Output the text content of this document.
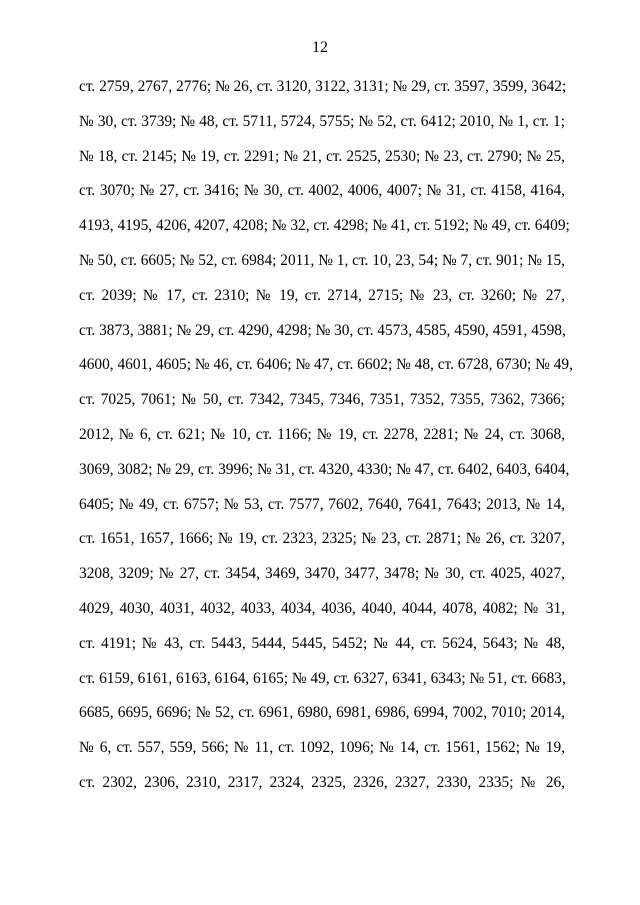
12
ст. 2759, 2767, 2776; № 26, ст. 3120, 3122, 3131; № 29, ст. 3597, 3599, 3642;
№ 30, ст. 3739; № 48, ст. 5711, 5724, 5755; № 52, ст. 6412; 2010, № 1, ст. 1;
№ 18, ст. 2145; № 19, ст. 2291; № 21, ст. 2525, 2530; № 23, ст. 2790; № 25,
ст. 3070; № 27, ст. 3416; № 30, ст. 4002, 4006, 4007; № 31, ст. 4158, 4164,
4193, 4195, 4206, 4207, 4208; № 32, ст. 4298; № 41, ст. 5192; № 49, ст. 6409;
№ 50, ст. 6605; № 52, ст. 6984; 2011, № 1, ст. 10, 23, 54; № 7, ст. 901; № 15,
ст. 2039; № 17, ст. 2310; № 19, ст. 2714, 2715; № 23, ст. 3260; № 27,
ст. 3873, 3881; № 29, ст. 4290, 4298; № 30, ст. 4573, 4585, 4590, 4591, 4598,
4600, 4601, 4605; № 46, ст. 6406; № 47, ст. 6602; № 48, ст. 6728, 6730; № 49,
ст. 7025, 7061; № 50, ст. 7342, 7345, 7346, 7351, 7352, 7355, 7362, 7366;
2012, № 6, ст. 621; № 10, ст. 1166; № 19, ст. 2278, 2281; № 24, ст. 3068,
3069, 3082; № 29, ст. 3996; № 31, ст. 4320, 4330; № 47, ст. 6402, 6403, 6404,
6405; № 49, ст. 6757; № 53, ст. 7577, 7602, 7640, 7641, 7643; 2013, № 14,
ст. 1651, 1657, 1666; № 19, ст. 2323, 2325; № 23, ст. 2871; № 26, ст. 3207,
3208, 3209; № 27, ст. 3454, 3469, 3470, 3477, 3478; № 30, ст. 4025, 4027,
4029, 4030, 4031, 4032, 4033, 4034, 4036, 4040, 4044, 4078, 4082; № 31,
ст. 4191; № 43, ст. 5443, 5444, 5445, 5452; № 44, ст. 5624, 5643; № 48,
ст. 6159, 6161, 6163, 6164, 6165; № 49, ст. 6327, 6341, 6343; № 51, ст. 6683,
6685, 6695, 6696; № 52, ст. 6961, 6980, 6981, 6986, 6994, 7002, 7010; 2014,
№ 6, ст. 557, 559, 566; № 11, ст. 1092, 1096; № 14, ст. 1561, 1562; № 19,
ст. 2302, 2306, 2310, 2317, 2324, 2325, 2326, 2327, 2330, 2335; № 26,
